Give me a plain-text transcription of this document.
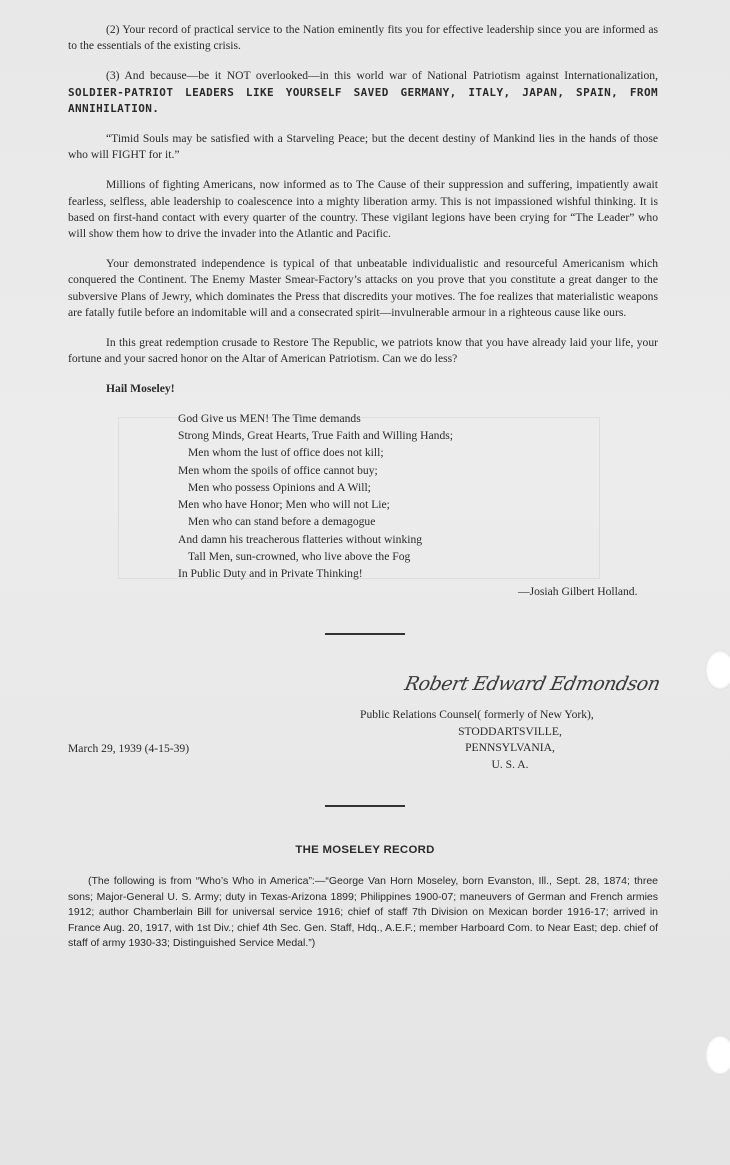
(2) Your record of practical service to the Nation eminently fits you for effective leadership since you are informed as to the essentials of the existing crisis.

(3) And because—be it NOT overlooked—in this world war of National Patriotism against Internationalization, SOLDIER-PATRIOT LEADERS LIKE YOURSELF SAVED GERMANY, ITALY, JAPAN, SPAIN, FROM ANNIHILATION.

“Timid Souls may be satisfied with a Starveling Peace; but the decent destiny of Mankind lies in the hands of those who will FIGHT for it.”

Millions of fighting Americans, now informed as to The Cause of their suppression and suffering, impatiently await fearless, selfless, able leadership to coalescence into a mighty liberation army. This is not impassioned wishful thinking. It is based on first-hand contact with every quarter of the country. These vigilant legions have been crying for “The Leader” who will show them how to drive the invader into the Atlantic and Pacific.

Your demonstrated independence is typical of that unbeatable individualistic and resourceful Americanism which conquered the Continent. The Enemy Master Smear-Factory’s attacks on you prove that you constitute a great danger to the subversive Plans of Jewry, which dominates the Press that discredits your motives. The foe realizes that materialistic weapons are fatally futile before an indomitable will and a consecrated spirit—invulnerable armour in a righteous cause like ours.

In this great redemption crusade to Restore The Republic, we patriots know that you have already laid your life, your fortune and your sacred honor on the Altar of American Patriotism. Can we do less?

Hail Moseley!
God Give us MEN! The Time demands
Strong Minds, Great Hearts, True Faith and Willing Hands;
Men whom the lust of office does not kill;
Men whom the spoils of office cannot buy;
Men who possess Opinions and A Will;
Men who have Honor; Men who will not Lie;
Men who can stand before a demagogue
And damn his treacherous flatteries without winking
Tall Men, sun-crowned, who live above the Fog
In Public Duty and in Private Thinking!
—Josiah Gilbert Holland.
Robert Edward Edmondson
Public Relations Counsel( formerly of New York),
STODDARTSVILLE,
PENNSYLVANIA,
U. S. A.
March 29, 1939 (4-15-39)
THE MOSELEY RECORD
(The following is from “Who’s Who in America”:—“George Van Horn Moseley, born Evanston, Ill., Sept. 28, 1874; three sons; Major-General U. S. Army; duty in Texas-Arizona 1899; Philippines 1900-07; maneuvers of German and French armies 1912; author Chamberlain Bill for universal service 1916; chief of staff 7th Division on Mexican border 1916-17; arrived in France Aug. 20, 1917, with 1st Div.; chief 4th Sec. Gen. Staff, Hdq., A.E.F.; member Harboard Com. to Near East; dep. chief of staff of army 1930-33; Distinguished Service Medal.”)
